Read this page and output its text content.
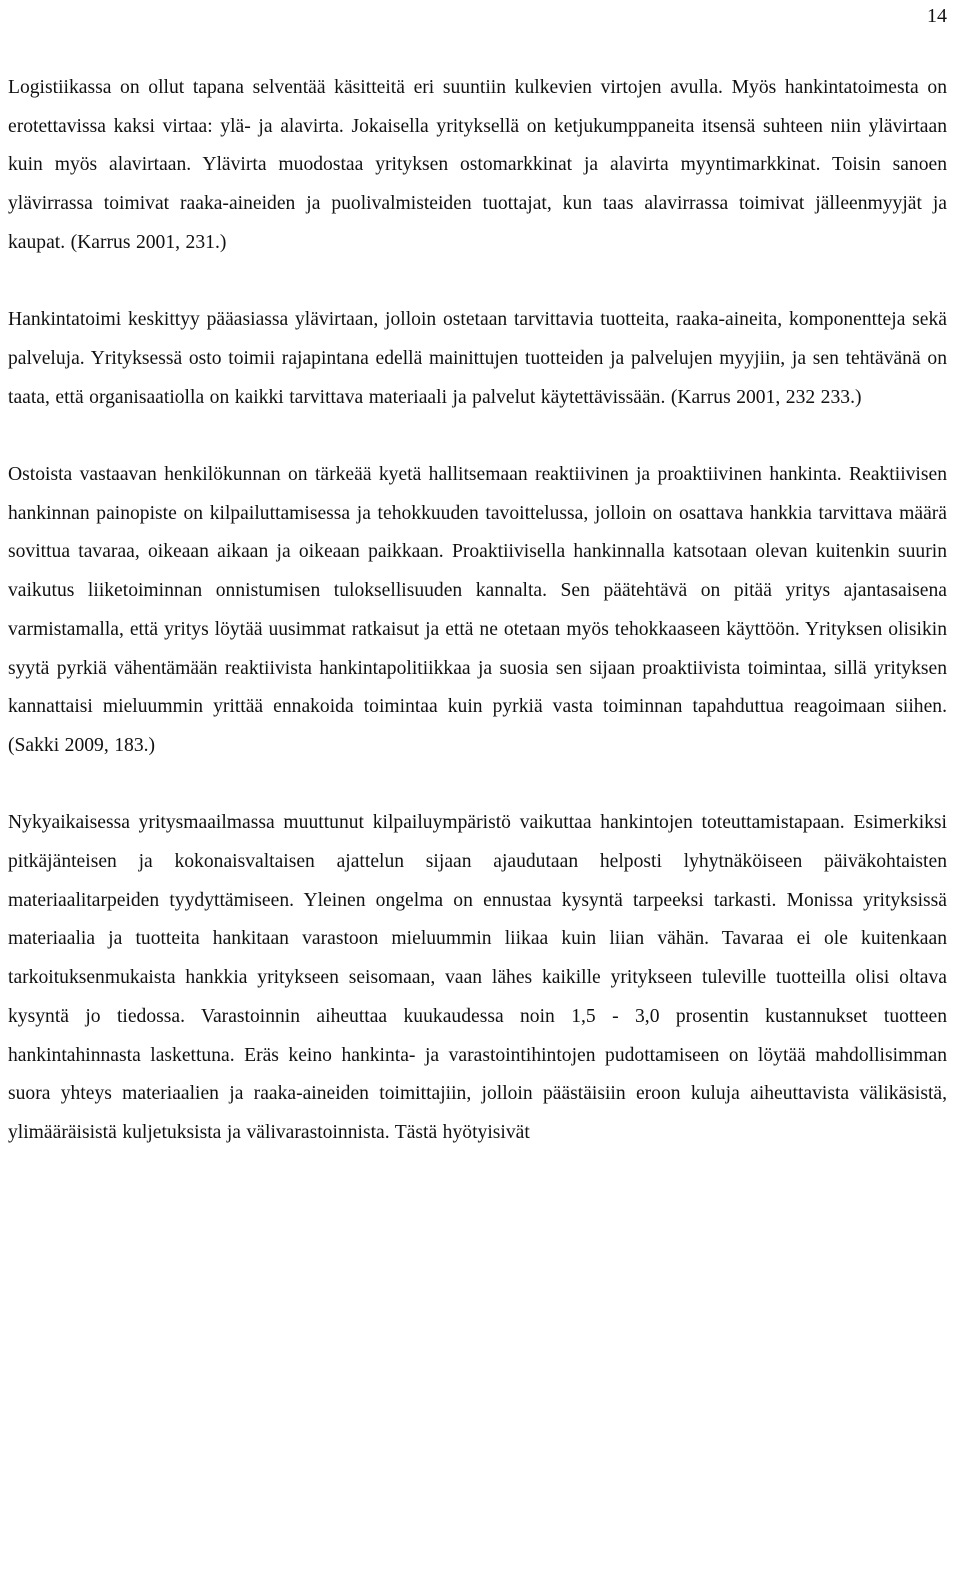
14

Logistiikassa on ollut tapana selventää käsitteitä eri suuntiin kulkevien virtojen avulla. Myös hankintatoimesta on erotettavissa kaksi virtaa: ylä- ja alavirta. Jokaisella yrityksellä on ketjukumppaneita itsensä suhteen niin ylävirtaan kuin myös alavirtaan. Ylävirta muodostaa yrityksen ostomarkkinat ja alavirta myyntimarkkinat. Toisin sanoen ylävirrassa toimivat raaka-aineiden ja puolivalmisteiden tuottajat, kun taas alavirrassa toimivat jälleenmyyjät ja kaupat. (Karrus 2001, 231.)

Hankintatoimi keskittyy pääasiassa ylävirtaan, jolloin ostetaan tarvittavia tuotteita, raaka-aineita, komponentteja sekä palveluja. Yrityksessä osto toimii rajapintana edellä mainittujen tuotteiden ja palvelujen myyjiin, ja sen tehtävänä on taata, että organisaatiolla on kaikki tarvittava materiaali ja palvelut käytettävissään. (Karrus 2001, 232 233.)

Ostoista vastaavan henkilökunnan on tärkeää kyetä hallitsemaan reaktiivinen ja proaktiivinen hankinta. Reaktiivisen hankinnan painopiste on kilpailuttamisessa ja tehokkuuden tavoittelussa, jolloin on osattava hankkia tarvittava määrä sovittua tavaraa, oikeaan aikaan ja oikeaan paikkaan. Proaktiivisella hankinnalla katsotaan olevan kuitenkin suurin vaikutus liiketoiminnan onnistumisen tuloksellisuuden kannalta. Sen päätehtävä on pitää yritys ajantasaisena varmistamalla, että yritys löytää uusimmat ratkaisut ja että ne otetaan myös tehokkaaseen käyttöön. Yrityksen olisikin syytä pyrkiä vähentämään reaktiivista hankintapolitiikkaa ja suosia sen sijaan proaktiivista toimintaa, sillä yrityksen kannattaisi mieluummin yrittää ennakoida toimintaa kuin pyrkiä vasta toiminnan tapahduttua reagoimaan siihen. (Sakki 2009, 183.)

Nykyaikaisessa yritysmaailmassa muuttunut kilpailuympäristö vaikuttaa hankintojen toteuttamistapaan. Esimerkiksi pitkäjänteisen ja kokonaisvaltaisen ajattelun sijaan ajaudutaan helposti lyhytnäköiseen päiväkohtaisten materiaalitarpeiden tyydyttämiseen. Yleinen ongelma on ennustaa kysyntä tarpeeksi tarkasti. Monissa yrityksissä materiaalia ja tuotteita hankitaan varastoon mieluummin liikaa kuin liian vähän. Tavaraa ei ole kuitenkaan tarkoituksenmukaista hankkia yritykseen seisomaan, vaan lähes kaikille yritykseen tuleville tuotteilla olisi oltava kysyntä jo tiedossa. Varastoinnin aiheuttaa kuukaudessa noin 1,5 - 3,0 prosentin kustannukset tuotteen hankintahinnasta laskettuna. Eräs keino hankinta- ja varastointihintojen pudottamiseen on löytää mahdollisimman suora yhteys materiaalien ja raaka-aineiden toimittajiin, jolloin päästäisiin eroon kuluja aiheuttavista välikäsistä, ylimääräisistä kuljetuksista ja välivarastoinnista. Tästä hyötyisivät
